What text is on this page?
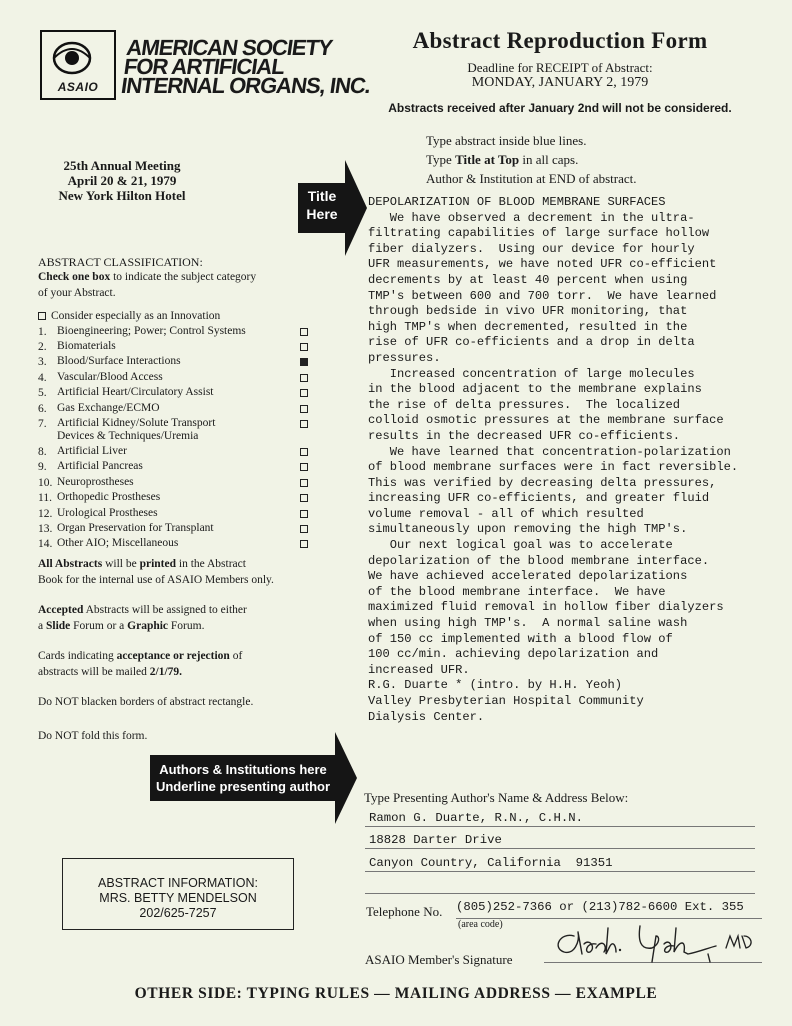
ASAIO
AMERICAN SOCIETY
FOR ARTIFICIAL
INTERNAL ORGANS, INC.
Abstract Reproduction Form
Deadline for RECEIPT of Abstract:
MONDAY, JANUARY 2, 1979
Abstracts received after January 2nd will not be considered.
25th Annual Meeting
April 20 & 21, 1979
New York Hilton Hotel	Title
Here
Type abstract inside blue lines.
Type Title at Top in all caps.
Author & Institution at END of abstract.
ABSTRACT CLASSIFICATION:
Check one box to indicate the subject category
of your Abstract.
Consider especially as an Innovation
1. Bioengineering; Power; Control Systems
2. Biomaterials
3. Blood/Surface Interactions
4. Vascular/Blood Access
5. Artificial Heart/Circulatory Assist
6. Gas Exchange/ECMO
7. Artificial Kidney/Solute Transport
Devices & Techniques/Uremia
8. Artificial Liver
9. Artificial Pancreas
10. Neuroprostheses
11. Orthopedic Prostheses
12. Urological Prostheses
13. Organ Preservation for Transplant
14. Other AIO; Miscellaneous
All Abstracts will be printed in the Abstract
Book for the internal use of ASAIO Members only.
Accepted Abstracts will be assigned to either
a Slide Forum or a Graphic Forum.
Cards indicating acceptance or rejection of
abstracts will be mailed 2/1/79.
Do NOT blacken borders of abstract rectangle.
Do NOT fold this form.
Authors & Institutions here
Underline presenting author
DEPOLARIZATION OF BLOOD MEMBRANE SURFACES
We have observed a decrement in the ultra-
filtrating capabilities of large surface hollow
fiber dialyzers.  Using our device for hourly
UFR measurements, we have noted UFR co-efficient
decrements by at least 40 percent when using
TMP's between 600 and 700 torr.  We have learned
through bedside in vivo UFR monitoring, that
high TMP's when decremented, resulted in the
rise of UFR co-efficients and a drop in delta
pressures.
Increased concentration of large molecules
in the blood adjacent to the membrane explains
the rise of delta pressures.  The localized
colloid osmotic pressures at the membrane surface
results in the decreased UFR co-efficients.
We have learned that concentration-polarization
of blood membrane surfaces were in fact reversible.
This was verified by decreasing delta pressures,
increasing UFR co-efficients, and greater fluid
volume removal - all of which resulted
simultaneously upon removing the high TMP's.
Our next logical goal was to accelerate
depolarization of the blood membrane interface.
We have achieved accelerated depolarizations
of the blood membrane interface.  We have
maximized fluid removal in hollow fiber dialyzers
when using high TMP's.  A normal saline wash
of 150 cc implemented with a blood flow of
100 cc/min. achieving depolarization and
increased UFR.
R.G. Duarte * (intro. by H.H. Yeoh)
Valley Presbyterian Hospital Community
Dialysis Center.
Type Presenting Author's Name & Address Below:
Ramon G. Duarte, R.N., C.H.N.
18828 Darter Drive
Canyon Country, California  91351
Telephone No. (805)252-7366 or (213)782-6600 Ext. 355
(area code)
ASAIO Member's Signature
ABSTRACT INFORMATION:
MRS. BETTY MENDELSON
202/625-7257
OTHER SIDE: TYPING RULES — MAILING ADDRESS — EXAMPLE
